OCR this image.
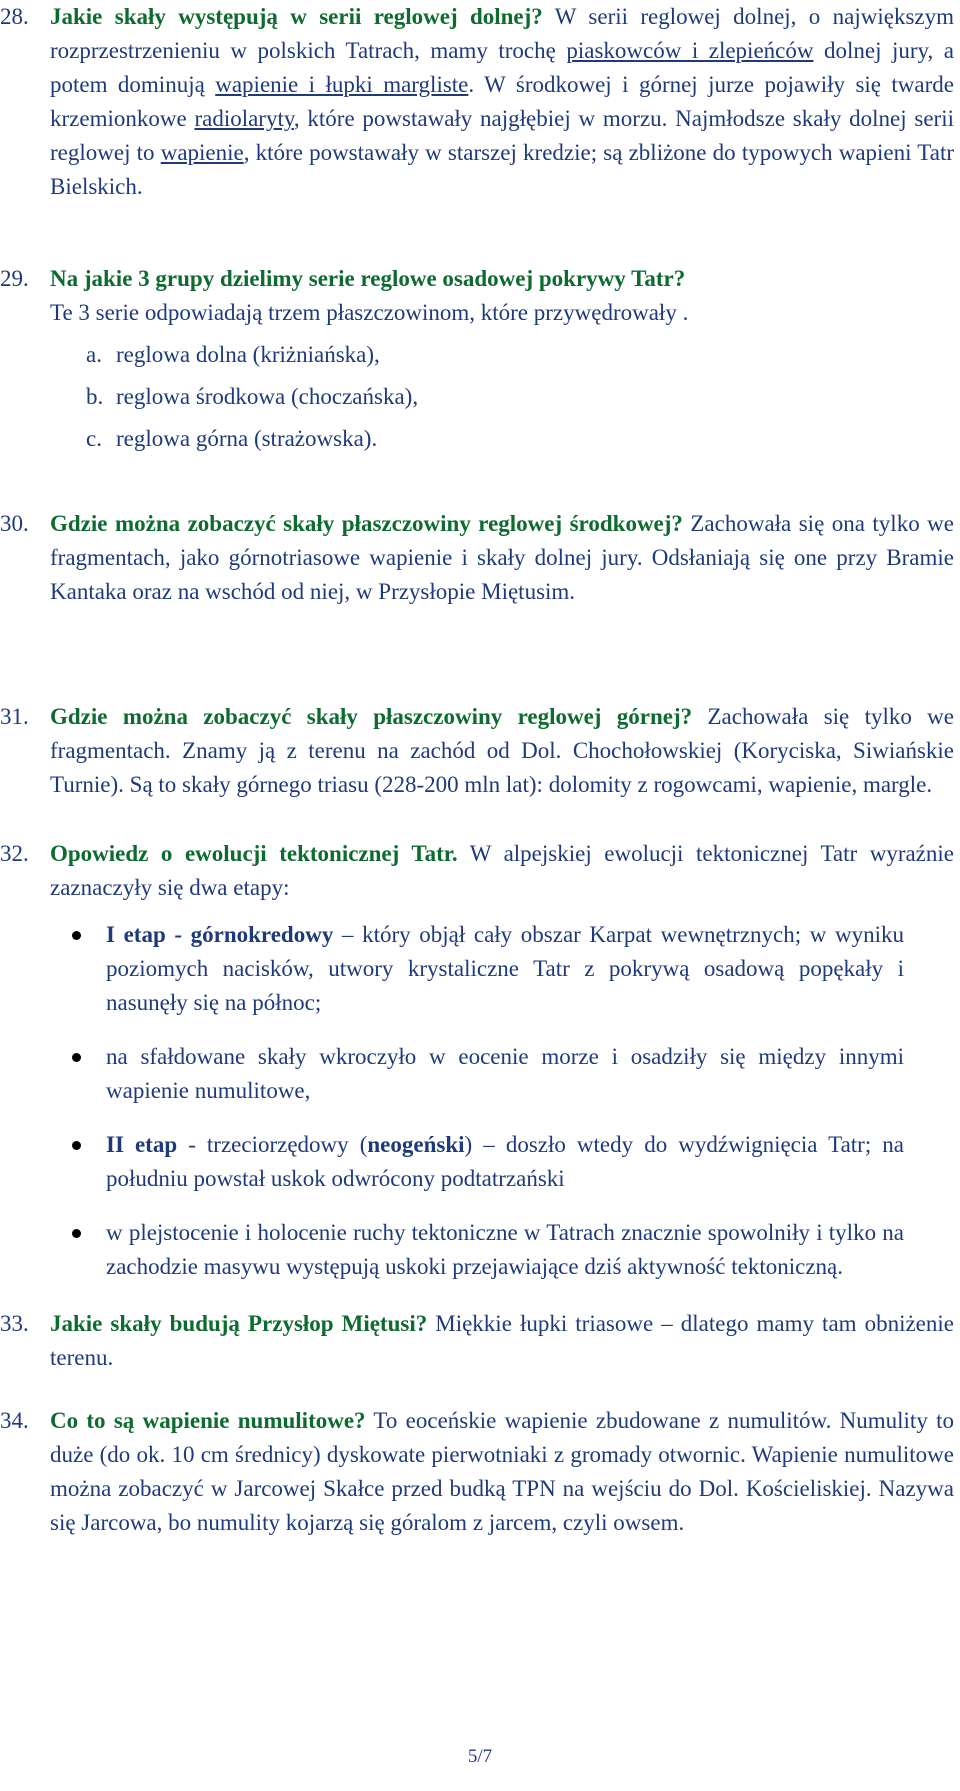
28. Jakie skały występują w serii reglowej dolnej? W serii reglowej dolnej, o największym rozprzestrzenieniu w polskich Tatrach, mamy trochę piaskowców i zlepieńców dolnej jury, a potem dominują wapienie i łupki margliste. W środkowej i górnej jurze pojawiły się twarde krzemionkowe radiolaryty, które powstawały najgłębiej w morzu. Najmłodsze skały dolnej serii reglowej to wapienie, które powstawały w starszej kredzie; są zbliżone do typowych wapieni Tatr Bielskich.
29. Na jakie 3 grupy dzielimy serie reglowe osadowej pokrywy Tatr?
Te 3 serie odpowiadają trzem płaszczowinom, które przywędrowały .
a. reglowa dolna (kriżniańska),
b. reglowa środkowa (choczańska),
c. reglowa górna (strażowska).
30. Gdzie można zobaczyć skały płaszczowiny reglowej środkowej? Zachowała się ona tylko we fragmentach, jako górnotriasowe wapienie i skały dolnej jury. Odsłaniają się one przy Bramie Kantaka oraz na wschód od niej, w Przysłopie Miętusim.
31. Gdzie można zobaczyć skały płaszczowiny reglowej górnej? Zachowała się tylko we fragmentach. Znamy ją z terenu na zachód od Dol. Chochołowskiej (Koryciska, Siwiańskie Turnie). Są to skały górnego triasu (228-200 mln lat): dolomity z rogowcami, wapienie, margle.
32. Opowiedz o ewolucji tektonicznej Tatr. W alpejskiej ewolucji tektonicznej Tatr wyraźnie zaznaczyły się dwa etapy:
I etap - górnokredowy – który objął cały obszar Karpat wewnętrznych; w wyniku poziomych nacisków, utwory krystaliczne Tatr z pokrywą osadową popękały i nasunęły się na północ;
na sfałdowane skały wkroczyło w eocenie morze i osadziły się między innymi wapienie numulitowe,
II etap - trzeciorzędowy (neogeński) – doszło wtedy do wydźwignięcia Tatr; na południu powstał uskok odwrócony podtatrzański
w plejstocenie i holocenie ruchy tektoniczne w Tatrach znacznie spowolniły i tylko na zachodzie masywu występują uskoki przejawiające dziś aktywność tektoniczną.
33. Jakie skały budują Przysłop Miętusi? Miękkie łupki triasowe – dlatego mamy tam obniżenie terenu.
34. Co to są wapienie numulitowe? To eoceńskie wapienie zbudowane z numulitów. Numulity to duże (do ok. 10 cm średnicy) dyskowate pierwotniaki z gromady otwornic. Wapienie numulitowe można zobaczyć w Jarcowej Skałce przed budką TPN na wejściu do Dol. Kościeliskiej. Nazywa się Jarcowa, bo numulity kojarzą się góralom z jarcem, czyli owsem.
5/7
